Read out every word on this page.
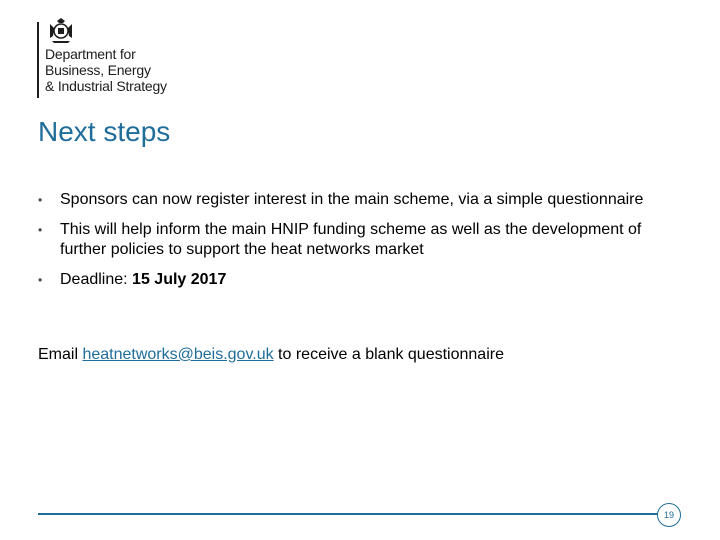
Department for
Business, Energy
& Industrial Strategy
Next steps
• Sponsors can now register interest in the main scheme, via a simple questionnaire
• This will help inform the main HNIP funding scheme as well as the development of further policies to support the heat networks market
• Deadline: 15 July 2017
Email heatnetworks@beis.gov.uk to receive a blank questionnaire
19
